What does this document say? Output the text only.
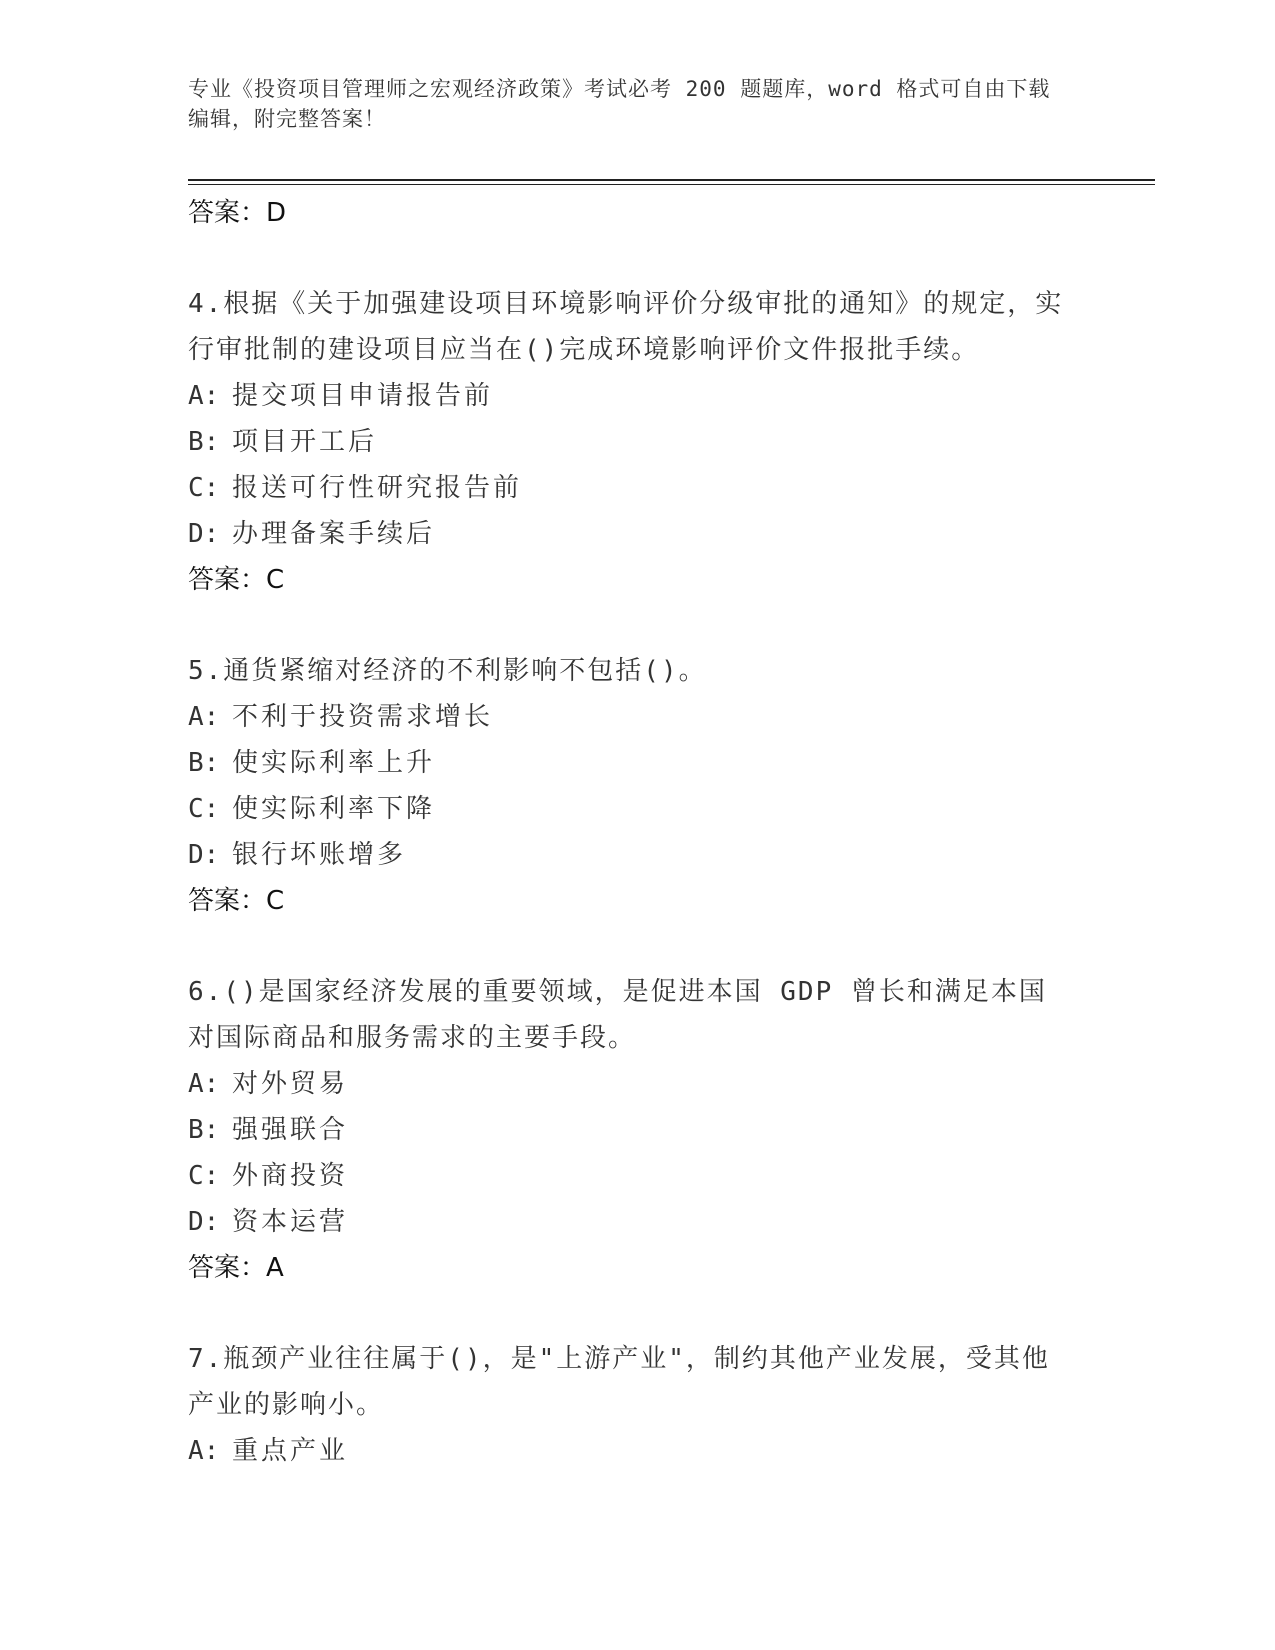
专业《投资项目管理师之宏观经济政策》考试必考 200 题题库，word 格式可自由下载编辑，附完整答案！
答案：D
4.根据《关于加强建设项目环境影响评价分级审批的通知》的规定，实行审批制的建设项目应当在()完成环境影响评价文件报批手续。
A: 提交项目申请报告前
B: 项目开工后
C: 报送可行性研究报告前
D: 办理备案手续后
答案：C
5.通货紧缩对经济的不利影响不包括()。
A: 不利于投资需求增长
B: 使实际利率上升
C: 使实际利率下降
D: 银行坏账增多
答案：C
6.()是国家经济发展的重要领域，是促进本国 GDP 曾长和满足本国对国际商品和服务需求的主要手段。
A: 对外贸易
B: 强强联合
C: 外商投资
D: 资本运营
答案：A
7.瓶颈产业往往属于()，是"上游产业"，制约其他产业发展，受其他产业的影响小。
A: 重点产业
